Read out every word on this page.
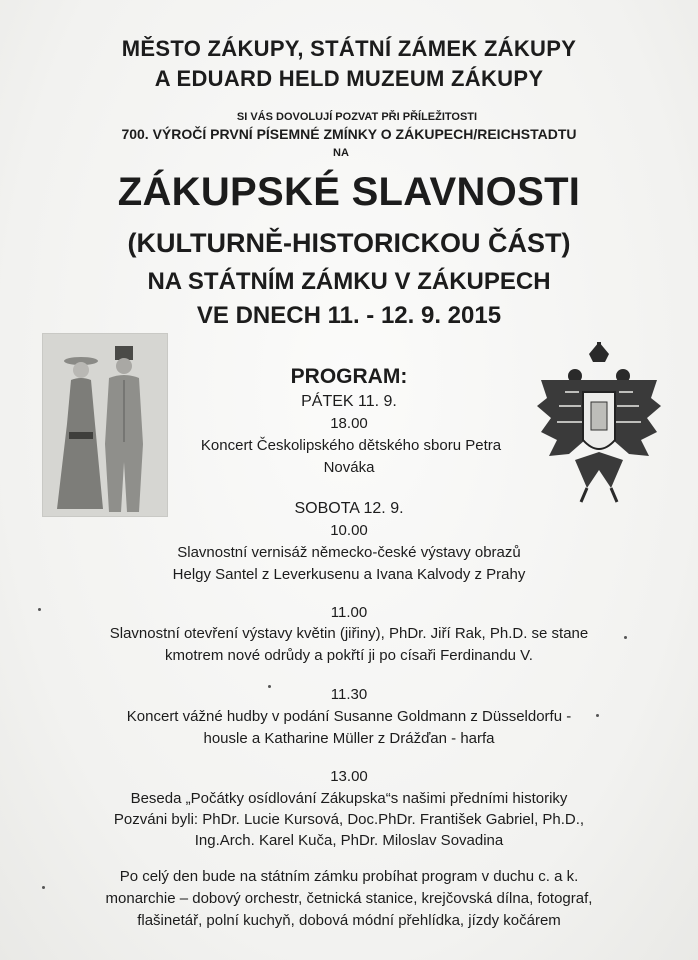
MĚSTO ZÁKUPY, STÁTNÍ ZÁMEK ZÁKUPY
A EDUARD HELD MUZEUM ZÁKUPY
SI VÁS DOVOLUJÍ POZVAT PŘI PŘÍLEŽITOSTI
700. VÝROČÍ PRVNÍ PÍSEMNÉ ZMÍNKY O ZÁKUPECH/REICHSTADTU
NA
ZÁKUPSKÉ SLAVNOSTI
(KULTURNĚ-HISTORICKOU ČÁST)
NA STÁTNÍM ZÁMKU V ZÁKUPECH
VE DNECH 11. - 12. 9. 2015
PROGRAM:
PÁTEK 11. 9.
18.00
Koncert Českolipského dětského sboru Petra
Nováka
SOBOTA 12. 9.
10.00
Slavnostní vernisáž německo-české výstavy obrazů
Helgy Santel z Leverkusenu a Ivana Kalvody z Prahy
11.00
Slavnostní otevření výstavy květin (jiřiny), PhDr. Jiří Rak, Ph.D. se stane
kmotrem nové odrůdy a pokřtí ji po císaři Ferdinandu V.
11.30
Koncert vážné hudby v podání Susanne Goldmann z Düsseldorfu -
housle a Katharine Müller z Drážďan - harfa
13.00
Beseda „Počátky osídlování Zákupska“s našimi předními historiky
Pozváni byli: PhDr. Lucie Kursová, Doc.PhDr. František Gabriel, Ph.D.,
Ing.Arch. Karel Kuča, PhDr. Miloslav Sovadina
Po celý den bude na státním zámku probíhat program v duchu c. a k.
monarchie – dobový orchestr, četnická stanice, krejčovská dílna, fotograf,
flašinetář, polní kuchyň, dobová módní přehlídka, jízdy kočárem
